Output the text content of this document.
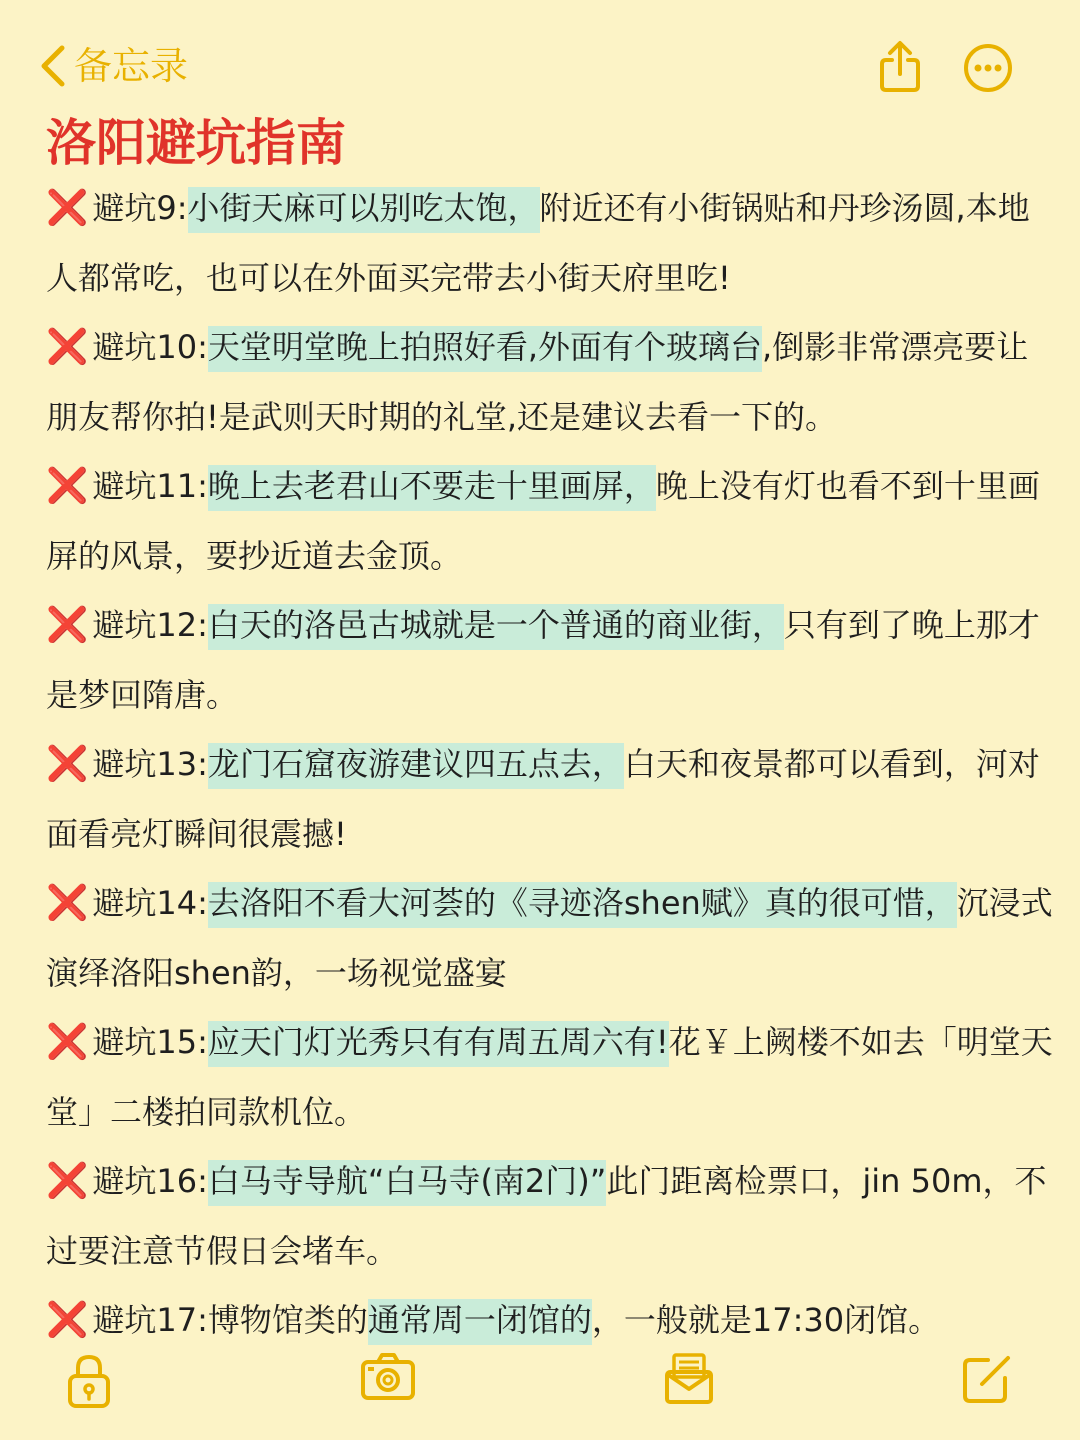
备忘录
洛阳避坑指南

❌ 避坑9:小街天麻可以别吃太饱，附近还有小街锅贴和丹珍汤圆,本地人都常吃，也可以在外面买完带去小街天府里吃!

❌ 避坑10:天堂明堂晚上拍照好看,外面有个玻璃台,倒影非常漂亮要让朋友帮你拍!是武则天时期的礼堂,还是建议去看一下的。

❌ 避坑11:晚上去老君山不要走十里画屏，晚上没有灯也看不到十里画屏的风景，要抄近道去金顶。

❌ 避坑12:白天的洛邑古城就是一个普通的商业街，只有到了晚上那才是梦回隋唐。

❌ 避坑13:龙门石窟夜游建议四五点去，白天和夜景都可以看到，河对面看亮灯瞬间很震撼!

❌ 避坑14:去洛阳不看大河荟的《寻迹洛shen赋》真的很可惜，沉浸式演绎洛阳shen韵，一场视觉盛宴

❌ 避坑15:应天门灯光秀只有有周五周六有!花￥上阙楼不如去「明堂天堂」二楼拍同款机位。

❌ 避坑16:白马寺导航“白马寺(南2门)”此门距离检票口，jin 50m，不过要注意节假日会堵车。

❌ 避坑17:博物馆类的通常周一闭馆的，一般就是17:30闭馆。
